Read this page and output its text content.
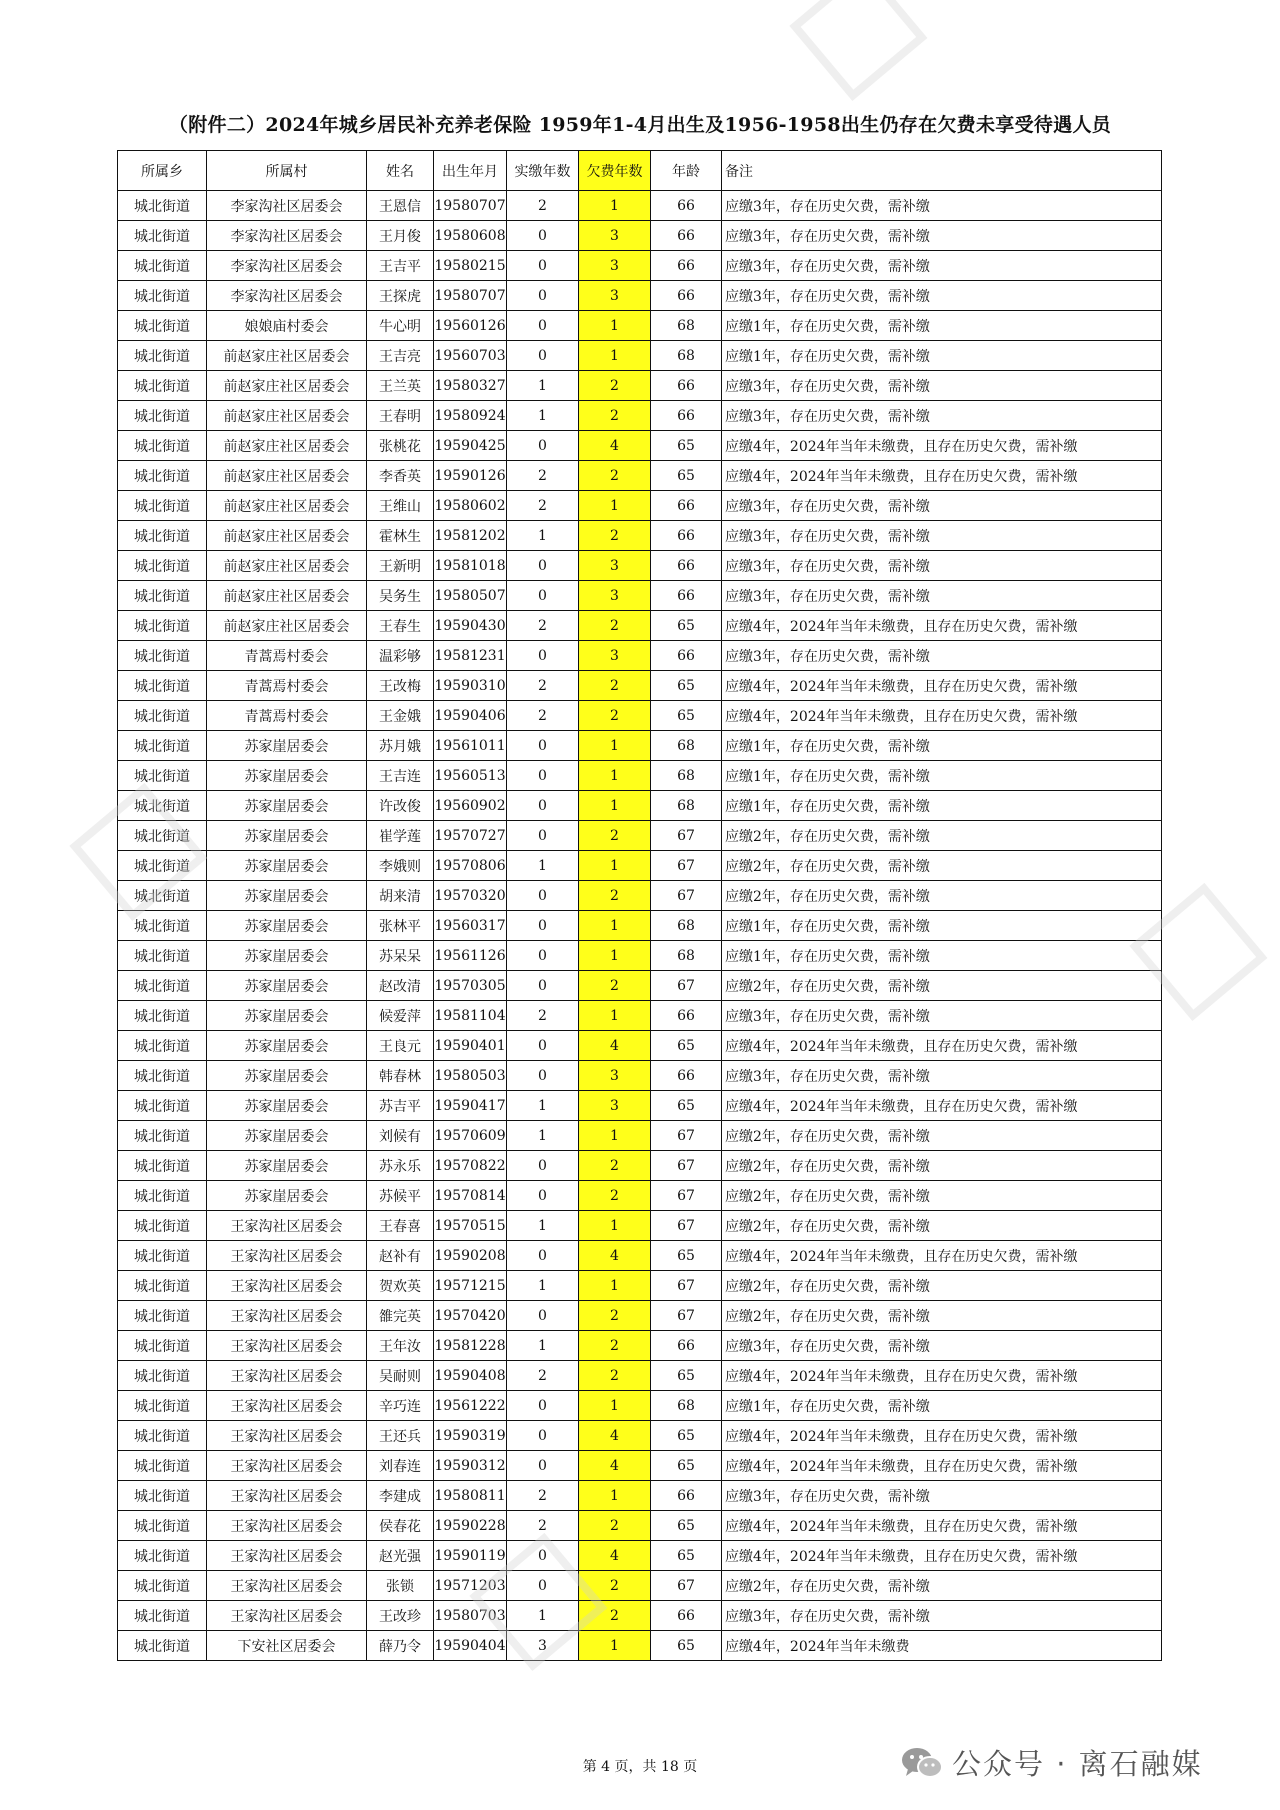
（附件二）2024年城乡居民补充养老保险 1959年1-4月出生及1956-1958出生仍存在欠费未享受待遇人员
所属乡	所属村	姓名	出生年月	实缴年数	欠费年数	年龄	备注
城北街道	李家沟社区居委会	王恩信	19580707	2	1	66	应缴3年，存在历史欠费，需补缴
城北街道	李家沟社区居委会	王月俊	19580608	0	3	66	应缴3年，存在历史欠费，需补缴
城北街道	李家沟社区居委会	王吉平	19580215	0	3	66	应缴3年，存在历史欠费，需补缴
城北街道	李家沟社区居委会	王探虎	19580707	0	3	66	应缴3年，存在历史欠费，需补缴
城北街道	娘娘庙村委会	牛心明	19560126	0	1	68	应缴1年，存在历史欠费，需补缴
城北街道	前赵家庄社区居委会	王吉亮	19560703	0	1	68	应缴1年，存在历史欠费，需补缴
城北街道	前赵家庄社区居委会	王兰英	19580327	1	2	66	应缴3年，存在历史欠费，需补缴
城北街道	前赵家庄社区居委会	王春明	19580924	1	2	66	应缴3年，存在历史欠费，需补缴
城北街道	前赵家庄社区居委会	张桃花	19590425	0	4	65	应缴4年，2024年当年未缴费，且存在历史欠费，需补缴
城北街道	前赵家庄社区居委会	李香英	19590126	2	2	65	应缴4年，2024年当年未缴费，且存在历史欠费，需补缴
城北街道	前赵家庄社区居委会	王维山	19580602	2	1	66	应缴3年，存在历史欠费，需补缴
城北街道	前赵家庄社区居委会	霍林生	19581202	1	2	66	应缴3年，存在历史欠费，需补缴
城北街道	前赵家庄社区居委会	王新明	19581018	0	3	66	应缴3年，存在历史欠费，需补缴
城北街道	前赵家庄社区居委会	吴务生	19580507	0	3	66	应缴3年，存在历史欠费，需补缴
城北街道	前赵家庄社区居委会	王春生	19590430	2	2	65	应缴4年，2024年当年未缴费，且存在历史欠费，需补缴
城北街道	青蒿焉村委会	温彩够	19581231	0	3	66	应缴3年，存在历史欠费，需补缴
城北街道	青蒿焉村委会	王改梅	19590310	2	2	65	应缴4年，2024年当年未缴费，且存在历史欠费，需补缴
城北街道	青蒿焉村委会	王金娥	19590406	2	2	65	应缴4年，2024年当年未缴费，且存在历史欠费，需补缴
城北街道	苏家崖居委会	苏月娥	19561011	0	1	68	应缴1年，存在历史欠费，需补缴
城北街道	苏家崖居委会	王吉连	19560513	0	1	68	应缴1年，存在历史欠费，需补缴
城北街道	苏家崖居委会	许改俊	19560902	0	1	68	应缴1年，存在历史欠费，需补缴
城北街道	苏家崖居委会	崔学莲	19570727	0	2	67	应缴2年，存在历史欠费，需补缴
城北街道	苏家崖居委会	李娥则	19570806	1	1	67	应缴2年，存在历史欠费，需补缴
城北街道	苏家崖居委会	胡来清	19570320	0	2	67	应缴2年，存在历史欠费，需补缴
城北街道	苏家崖居委会	张林平	19560317	0	1	68	应缴1年，存在历史欠费，需补缴
城北街道	苏家崖居委会	苏呆呆	19561126	0	1	68	应缴1年，存在历史欠费，需补缴
城北街道	苏家崖居委会	赵改清	19570305	0	2	67	应缴2年，存在历史欠费，需补缴
城北街道	苏家崖居委会	候爱萍	19581104	2	1	66	应缴3年，存在历史欠费，需补缴
城北街道	苏家崖居委会	王良元	19590401	0	4	65	应缴4年，2024年当年未缴费，且存在历史欠费，需补缴
城北街道	苏家崖居委会	韩春林	19580503	0	3	66	应缴3年，存在历史欠费，需补缴
城北街道	苏家崖居委会	苏吉平	19590417	1	3	65	应缴4年，2024年当年未缴费，且存在历史欠费，需补缴
城北街道	苏家崖居委会	刘候有	19570609	1	1	67	应缴2年，存在历史欠费，需补缴
城北街道	苏家崖居委会	苏永乐	19570822	0	2	67	应缴2年，存在历史欠费，需补缴
城北街道	苏家崖居委会	苏候平	19570814	0	2	67	应缴2年，存在历史欠费，需补缴
城北街道	王家沟社区居委会	王春喜	19570515	1	1	67	应缴2年，存在历史欠费，需补缴
城北街道	王家沟社区居委会	赵补有	19590208	0	4	65	应缴4年，2024年当年未缴费，且存在历史欠费，需补缴
城北街道	王家沟社区居委会	贺欢英	19571215	1	1	67	应缴2年，存在历史欠费，需补缴
城北街道	王家沟社区居委会	雒完英	19570420	0	2	67	应缴2年，存在历史欠费，需补缴
城北街道	王家沟社区居委会	王年汝	19581228	1	2	66	应缴3年，存在历史欠费，需补缴
城北街道	王家沟社区居委会	吴耐则	19590408	2	2	65	应缴4年，2024年当年未缴费，且存在历史欠费，需补缴
城北街道	王家沟社区居委会	辛巧连	19561222	0	1	68	应缴1年，存在历史欠费，需补缴
城北街道	王家沟社区居委会	王还兵	19590319	0	4	65	应缴4年，2024年当年未缴费，且存在历史欠费，需补缴
城北街道	王家沟社区居委会	刘春连	19590312	0	4	65	应缴4年，2024年当年未缴费，且存在历史欠费，需补缴
城北街道	王家沟社区居委会	李建成	19580811	2	1	66	应缴3年，存在历史欠费，需补缴
城北街道	王家沟社区居委会	侯春花	19590228	2	2	65	应缴4年，2024年当年未缴费，且存在历史欠费，需补缴
城北街道	王家沟社区居委会	赵光强	19590119	0	4	65	应缴4年，2024年当年未缴费，且存在历史欠费，需补缴
城北街道	王家沟社区居委会	张锁	19571203	0	2	67	应缴2年，存在历史欠费，需补缴
城北街道	王家沟社区居委会	王改珍	19580703	1	2	66	应缴3年，存在历史欠费，需补缴
城北街道	下安社区居委会	薛乃令	19590404	3	1	65	应缴4年，2024年当年未缴费
第 4 页，共 18 页	公众号 · 离石融媒
